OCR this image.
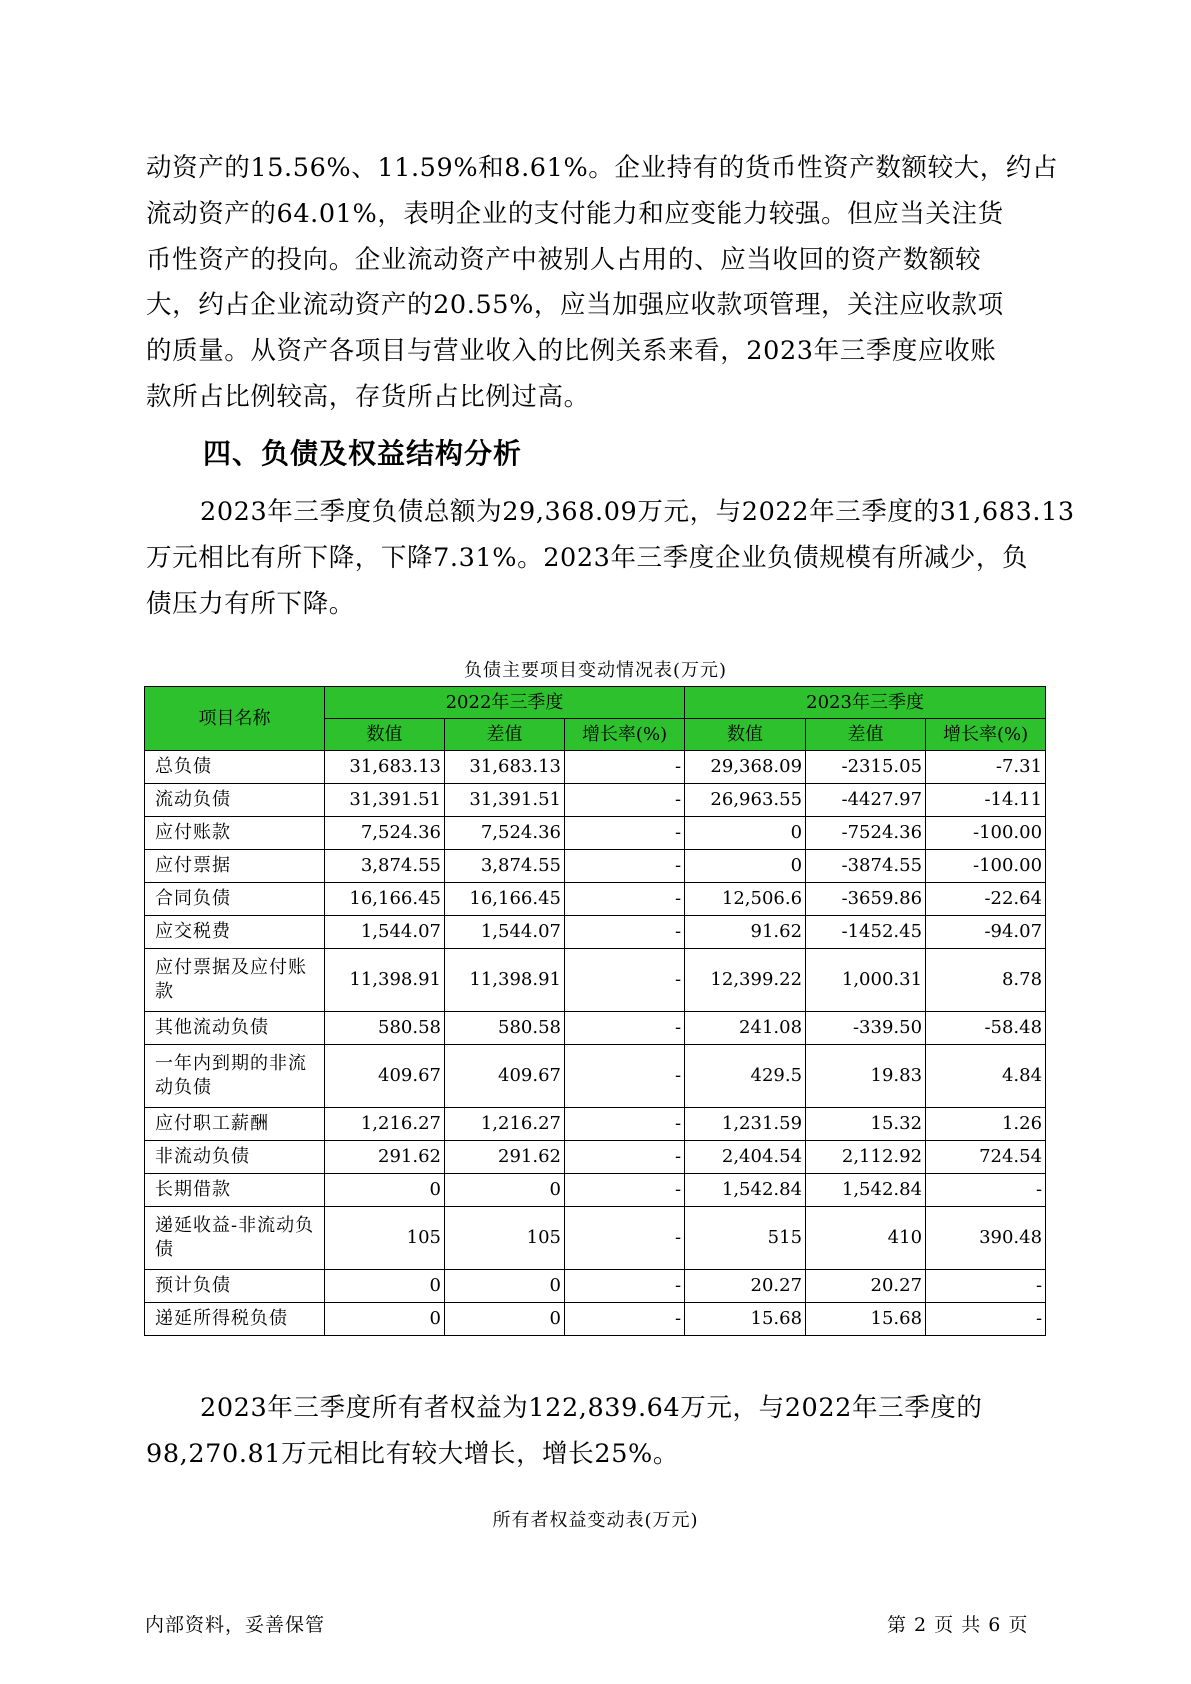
动资产的15.56%、11.59%和8.61%。企业持有的货币性资产数额较大，约占
流动资产的64.01%，表明企业的支付能力和应变能力较强。但应当关注货
币性资产的投向。企业流动资产中被别人占用的、应当收回的资产数额较
大，约占企业流动资产的20.55%，应当加强应收款项管理，关注应收款项
的质量。从资产各项目与营业收入的比例关系来看，2023年三季度应收账
款所占比例较高，存货所占比例过高。
四、负债及权益结构分析
2023年三季度负债总额为29,368.09万元，与2022年三季度的31,683.13
万元相比有所下降，下降7.31%。2023年三季度企业负债规模有所减少，负
债压力有所下降。
负债主要项目变动情况表(万元)
项目名称	2022年三季度			2023年三季度		
	数值	差值	增长率(%)	数值	差值	增长率(%)
总负债	31,683.13	31,683.13	-	29,368.09	-2315.05	-7.31
流动负债	31,391.51	31,391.51	-	26,963.55	-4427.97	-14.11
应付账款	7,524.36	7,524.36	-	0	-7524.36	-100.00
应付票据	3,874.55	3,874.55	-	0	-3874.55	-100.00
合同负债	16,166.45	16,166.45	-	12,506.6	-3659.86	-22.64
应交税费	1,544.07	1,544.07	-	91.62	-1452.45	-94.07
应付票据及应付账款	11,398.91	11,398.91	-	12,399.22	1,000.31	8.78
其他流动负债	580.58	580.58	-	241.08	-339.50	-58.48
一年内到期的非流动负债	409.67	409.67	-	429.5	19.83	4.84
应付职工薪酬	1,216.27	1,216.27	-	1,231.59	15.32	1.26
非流动负债	291.62	291.62	-	2,404.54	2,112.92	724.54
长期借款	0	0	-	1,542.84	1,542.84	-
递延收益-非流动负债	105	105	-	515	410	390.48
预计负债	0	0	-	20.27	20.27	-
递延所得税负债	0	0	-	15.68	15.68	-
2023年三季度所有者权益为122,839.64万元，与2022年三季度的
98,270.81万元相比有较大增长，增长25%。
所有者权益变动表(万元)
内部资料，妥善保管	第 2 页 共 6 页
